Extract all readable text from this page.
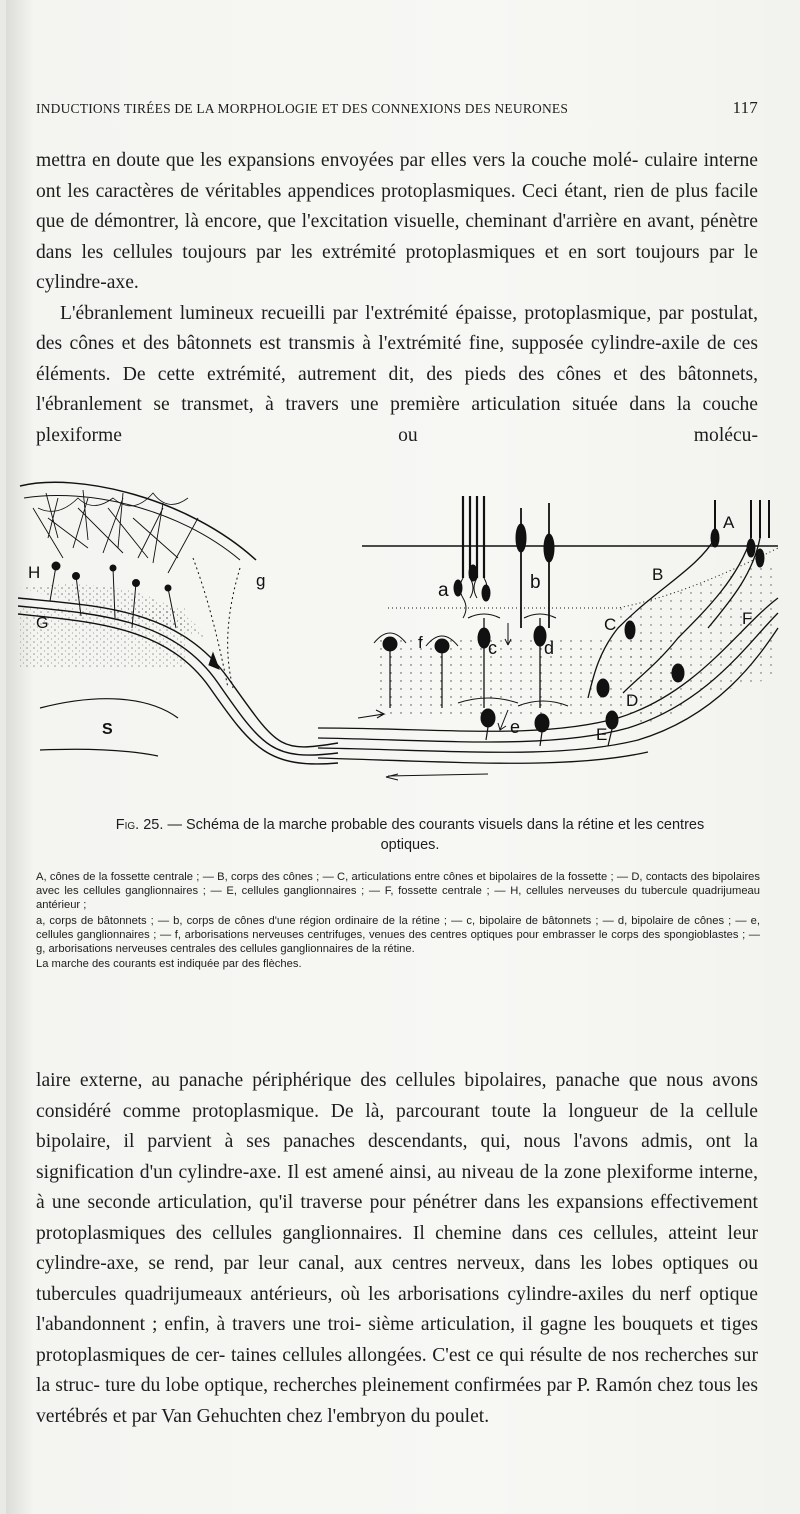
INDUCTIONS TIRÉES DE LA MORPHOLOGIE ET DES CONNEXIONS DES NEURONES	117
mettra en doute que les expansions envoyées par elles vers la couche molé- culaire interne ont les caractères de véritables appendices protoplasmiques. Ceci étant, rien de plus facile que de démontrer, là encore, que l'excitation visuelle, cheminant d'arrière en avant, pénètre dans les cellules toujours par les extrémité protoplasmiques et en sort toujours par le cylindre-axe.
L'ébranlement lumineux recueilli par l'extrémité épaisse, protoplasmique, par postulat, des cônes et des bâtonnets est transmis à l'extrémité fine, supposée cylindre-axile de ces éléments. De cette extrémité, autrement dit, des pieds des cônes et des bâtonnets, l'ébranlement se transmet, à travers une première articulation située dans la couche plexiforme ou molécu-
H
G
g
S
a	b
c	d
e
f
A
B
C
D
E
F
Fig. 25. — Schéma de la marche probable des courants visuels dans la rétine et les centres optiques.

A, cônes de la fossette centrale ; — B, corps des cônes ; — C, articulations entre cônes et bipolaires de la fossette ; — D, contacts des bipolaires avec les cellules ganglionnaires ; — E, cellules ganglionnaires ; — F, fossette centrale ; — H, cellules nerveuses du tubercule quadrijumeau antérieur ;

a, corps de bâtonnets ; — b, corps de cônes d'une région ordinaire de la rétine ; — c, bipolaire de bâtonnets ; — d, bipolaire de cônes ; — e, cellules ganglionnaires ; — f, arborisations nerveuses centrifuges, venues des centres optiques pour embrasser le corps des spongioblastes ; — g, arborisations nerveuses centrales des cellules ganglionnaires de la rétine.

La marche des courants est indiquée par des flèches.

laire externe, au panache périphérique des cellules bipolaires, panache que nous avons considéré comme protoplasmique. De là, parcourant toute la longueur de la cellule bipolaire, il parvient à ses panaches descendants, qui, nous l'avons admis, ont la signification d'un cylindre-axe. Il est amené ainsi, au niveau de la zone plexiforme interne, à une seconde articulation, qu'il traverse pour pénétrer dans les expansions effectivement protoplasmiques des cellules ganglionnaires. Il chemine dans ces cellules, atteint leur cylindre-axe, se rend, par leur canal, aux centres nerveux, dans les lobes optiques ou tubercules quadrijumeaux antérieurs, où les arborisations cylindre-axiles du nerf optique l'abandonnent ; enfin, à travers une troi- sième articulation, il gagne les bouquets et tiges protoplasmiques de cer- taines cellules allongées. C'est ce qui résulte de nos recherches sur la struc- ture du lobe optique, recherches pleinement confirmées par P. Ramón chez tous les vertébrés et par Van Gehuchten chez l'embryon du poulet.
